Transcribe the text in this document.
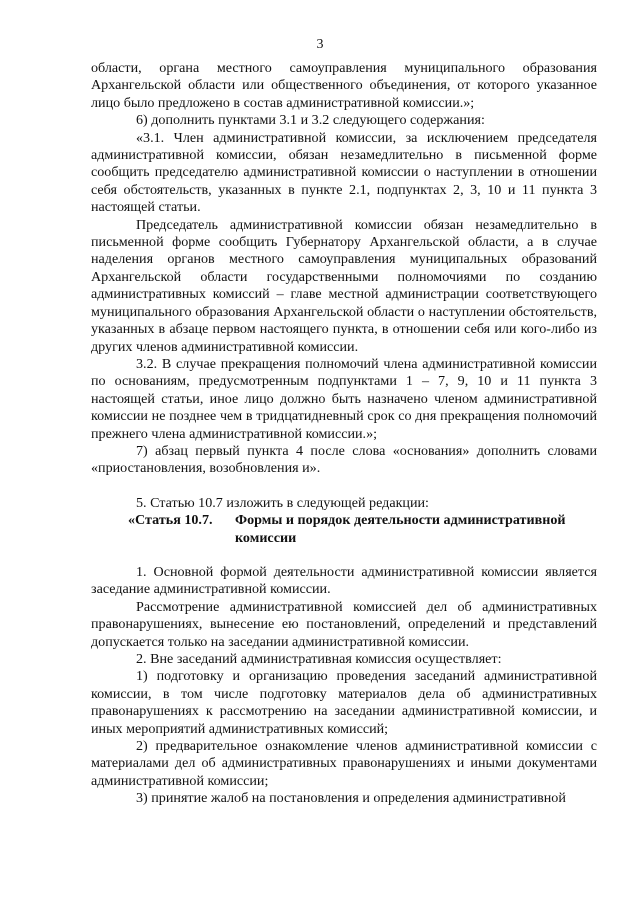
3

области, органа местного самоуправления муниципального образования Архангельской области или общественного объединения, от которого указанное лицо было предложено в состав административной комиссии.»;

6) дополнить пунктами 3.1 и 3.2 следующего содержания:

«3.1. Член административной комиссии, за исключением председателя административной комиссии, обязан незамедлительно в письменной форме сообщить председателю административной комиссии о наступлении в отношении себя обстоятельств, указанных в пункте 2.1, подпунктах 2, 3, 10 и 11 пункта 3 настоящей статьи.

Председатель административной комиссии обязан незамедлительно в письменной форме сообщить Губернатору Архангельской области, а в случае наделения органов местного самоуправления муниципальных образований Архангельской области государственными полномочиями по созданию административных комиссий – главе местной администрации соответствующего муниципального образования Архангельской области о наступлении обстоятельств, указанных в абзаце первом настоящего пункта, в отношении себя или кого-либо из других членов административной комиссии.

3.2. В случае прекращения полномочий члена административной комиссии по основаниям, предусмотренным подпунктами 1 – 7, 9, 10 и 11 пункта 3 настоящей статьи, иное лицо должно быть назначено членом административной комиссии не позднее чем в тридцатидневный срок со дня прекращения полномочий прежнего члена административной комиссии.»;

7) абзац первый пункта 4 после слова «основания» дополнить словами «приостановления, возобновления и».

5. Статью 10.7 изложить в следующей редакции:

«Статья 10.7.	Формы и порядок деятельности административной комиссии

1. Основной формой деятельности административной комиссии является заседание административной комиссии.

Рассмотрение административной комиссией дел об административных правонарушениях, вынесение ею постановлений, определений и представлений допускается только на заседании административной комиссии.

2. Вне заседаний административная комиссия осуществляет:

1) подготовку и организацию проведения заседаний административной комиссии, в том числе подготовку материалов дела об административных правонарушениях к рассмотрению на заседании административной комиссии, и иных мероприятий административных комиссий;

2) предварительное ознакомление членов административной комиссии с материалами дел об административных правонарушениях и иными документами административной комиссии;

3) принятие жалоб на постановления и определения административной
